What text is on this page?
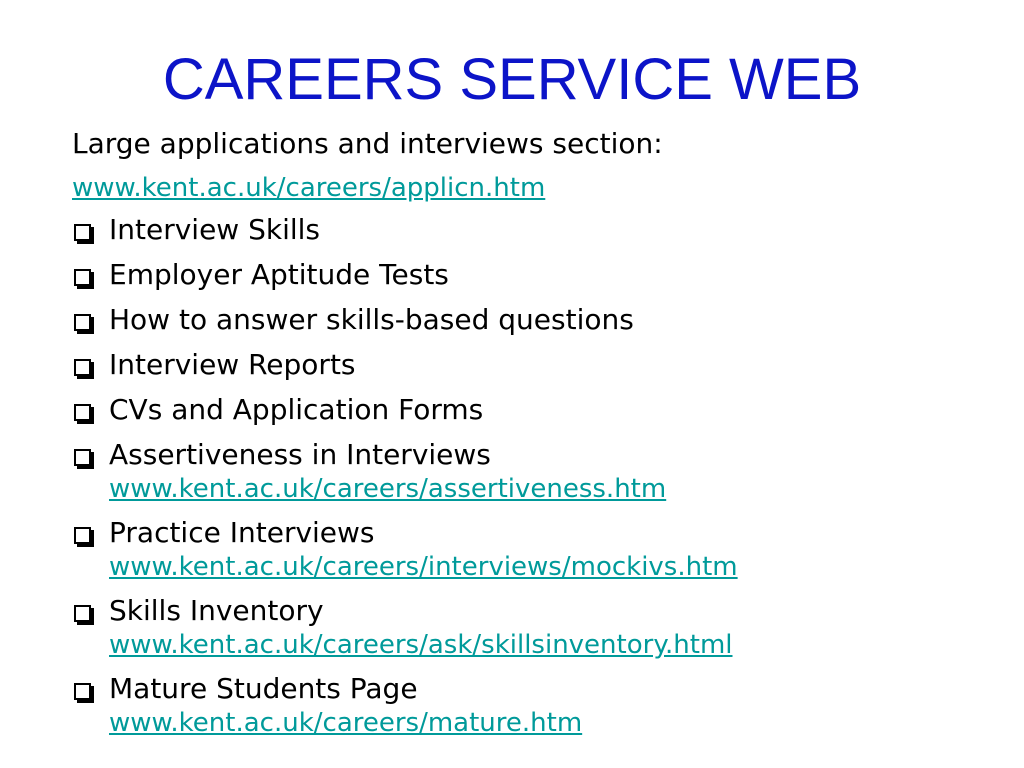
CAREERS SERVICE WEB

Large applications and interviews section:

www.kent.ac.uk/careers/applicn.htm
Interview Skills
Employer Aptitude Tests
How to answer skills-based questions
Interview Reports
CVs and Application Forms
Assertiveness in Interviews
www.kent.ac.uk/careers/assertiveness.htm
Practice Interviews
www.kent.ac.uk/careers/interviews/mockivs.htm
Skills Inventory
www.kent.ac.uk/careers/ask/skillsinventory.html
Mature Students Page
www.kent.ac.uk/careers/mature.htm
